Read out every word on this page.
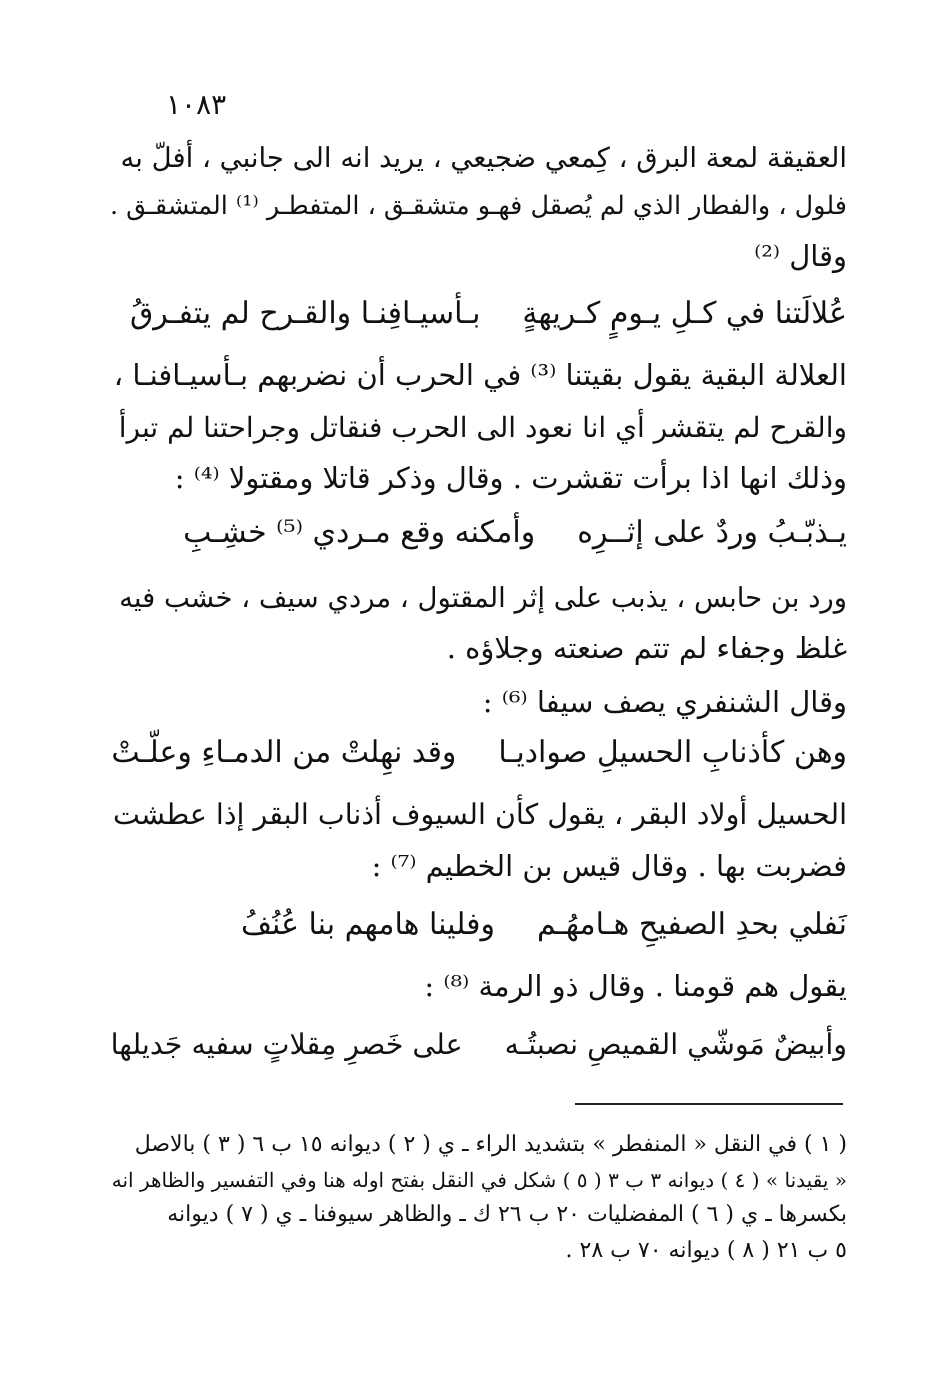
١٠٨٣
العقيقة لمعة البرق ، كِمعي ضجيعي ، يريد انه الى جانبي ، أفلّ به
فلول ، والفطار الذي لم يُصقل فهـو متشقـق ، المتفطـر ⁽¹⁾ المتشقـق .
وقال ⁽²⁾
عُلالَتنا في كـلِ يـومٍ كـريهةٍبـأسيـافِنـا والقـرح لم يتفـرقُ
العلالة البقية يقول بقيتنا ⁽³⁾ في الحرب أن نضربهم بـأسيـافنـا ،
والقرح لم يتقشر أي انا نعود الى الحرب فنقاتل وجراحتنا لم تبرأ
وذلك انها اذا برأت تقشرت . وقال وذكر قاتلا ومقتولا ⁽⁴⁾ :
يـذبّـبُ وردٌ على إثــرِهوأمكنه وقع مـردي ⁽⁵⁾ خشِـبِ
ورد بن حابس ، يذبب على إثر المقتول ، مردي سيف ، خشب فيه
غلظ وجفاء لم تتم صنعته وجلاؤه .
وقال الشنفري يصف سيفا ⁽⁶⁾ :
وهن كأذنابِ الحسيلِ صواديـاوقد نهِلتْ من الدمـاءِ وعلّـتْ
الحسيل أولاد البقر ، يقول كأن السيوف أذناب البقر إذا عطشت
فضربت بها . وقال قيس بن الخطيم ⁽⁷⁾ :
نَفلي بحدِ الصفيحِ هـامهُـموفلينا هامهم بنا عُنُفُ
يقول هم قومنا . وقال ذو الرمة ⁽⁸⁾ :
وأبيضٌ مَوشّي القميصِ نصبتُـهعلى خَصرِ مِقلاتٍ سفيه جَديلها
( ١ ) في النقل « المنفطر » بتشديد الراء ـ ي ( ٢ ) ديوانه ١٥ ب ٦ ( ٣ ) بالاصل
« يقيدنا » ( ٤ ) ديوانه ٣ ب ٣ ( ٥ ) شكل في النقل بفتح اوله هنا وفي التفسير والظاهر انه
بكسرها ـ ي ( ٦ ) المفضليات ٢٠ ب ٢٦ ك ـ والظاهر سيوفنا ـ ي ( ٧ ) ديوانه
٥ ب ٢١ ( ٨ ) ديوانه ٧٠ ب ٢٨ .
